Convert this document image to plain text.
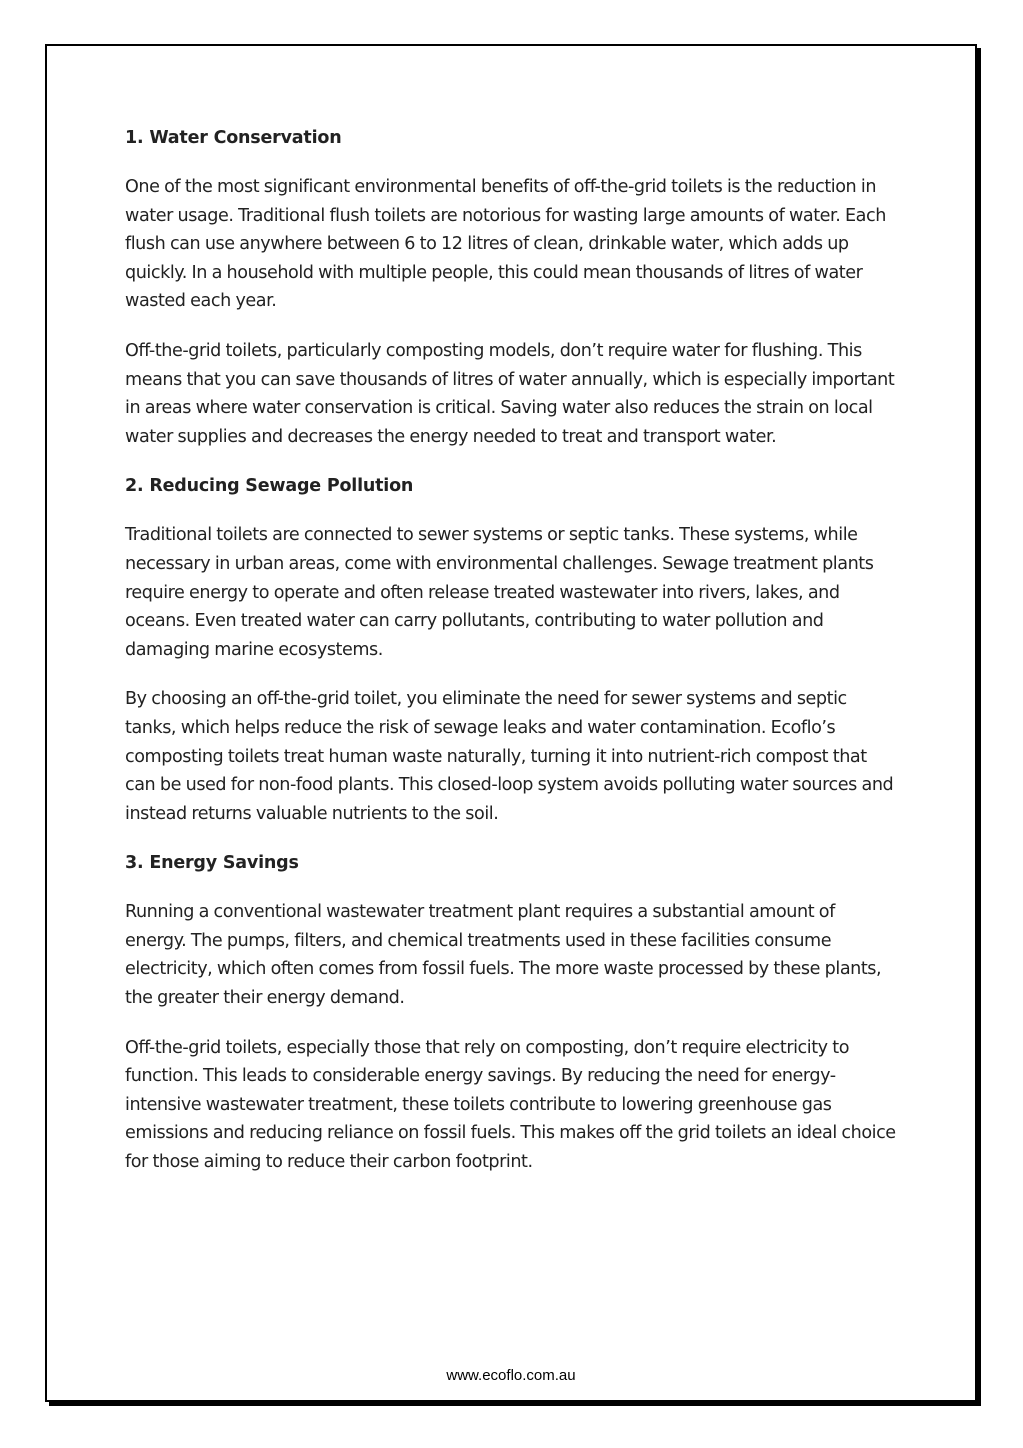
1. Water Conservation

One of the most significant environmental benefits of off-the-grid toilets is the reduction in water usage. Traditional flush toilets are notorious for wasting large amounts of water. Each flush can use anywhere between 6 to 12 litres of clean, drinkable water, which adds up quickly. In a household with multiple people, this could mean thousands of litres of water wasted each year.

Off-the-grid toilets, particularly composting models, don’t require water for flushing. This means that you can save thousands of litres of water annually, which is especially important in areas where water conservation is critical. Saving water also reduces the strain on local water supplies and decreases the energy needed to treat and transport water.

2. Reducing Sewage Pollution

Traditional toilets are connected to sewer systems or septic tanks. These systems, while necessary in urban areas, come with environmental challenges. Sewage treatment plants require energy to operate and often release treated wastewater into rivers, lakes, and oceans. Even treated water can carry pollutants, contributing to water pollution and damaging marine ecosystems.

By choosing an off-the-grid toilet, you eliminate the need for sewer systems and septic tanks, which helps reduce the risk of sewage leaks and water contamination. Ecoflo’s composting toilets treat human waste naturally, turning it into nutrient-rich compost that can be used for non-food plants. This closed-loop system avoids polluting water sources and instead returns valuable nutrients to the soil.

3. Energy Savings

Running a conventional wastewater treatment plant requires a substantial amount of energy. The pumps, filters, and chemical treatments used in these facilities consume electricity, which often comes from fossil fuels. The more waste processed by these plants, the greater their energy demand.

Off-the-grid toilets, especially those that rely on composting, don’t require electricity to function. This leads to considerable energy savings. By reducing the need for energy-intensive wastewater treatment, these toilets contribute to lowering greenhouse gas emissions and reducing reliance on fossil fuels. This makes off the grid toilets an ideal choice for those aiming to reduce their carbon footprint.

www.ecoflo.com.au
